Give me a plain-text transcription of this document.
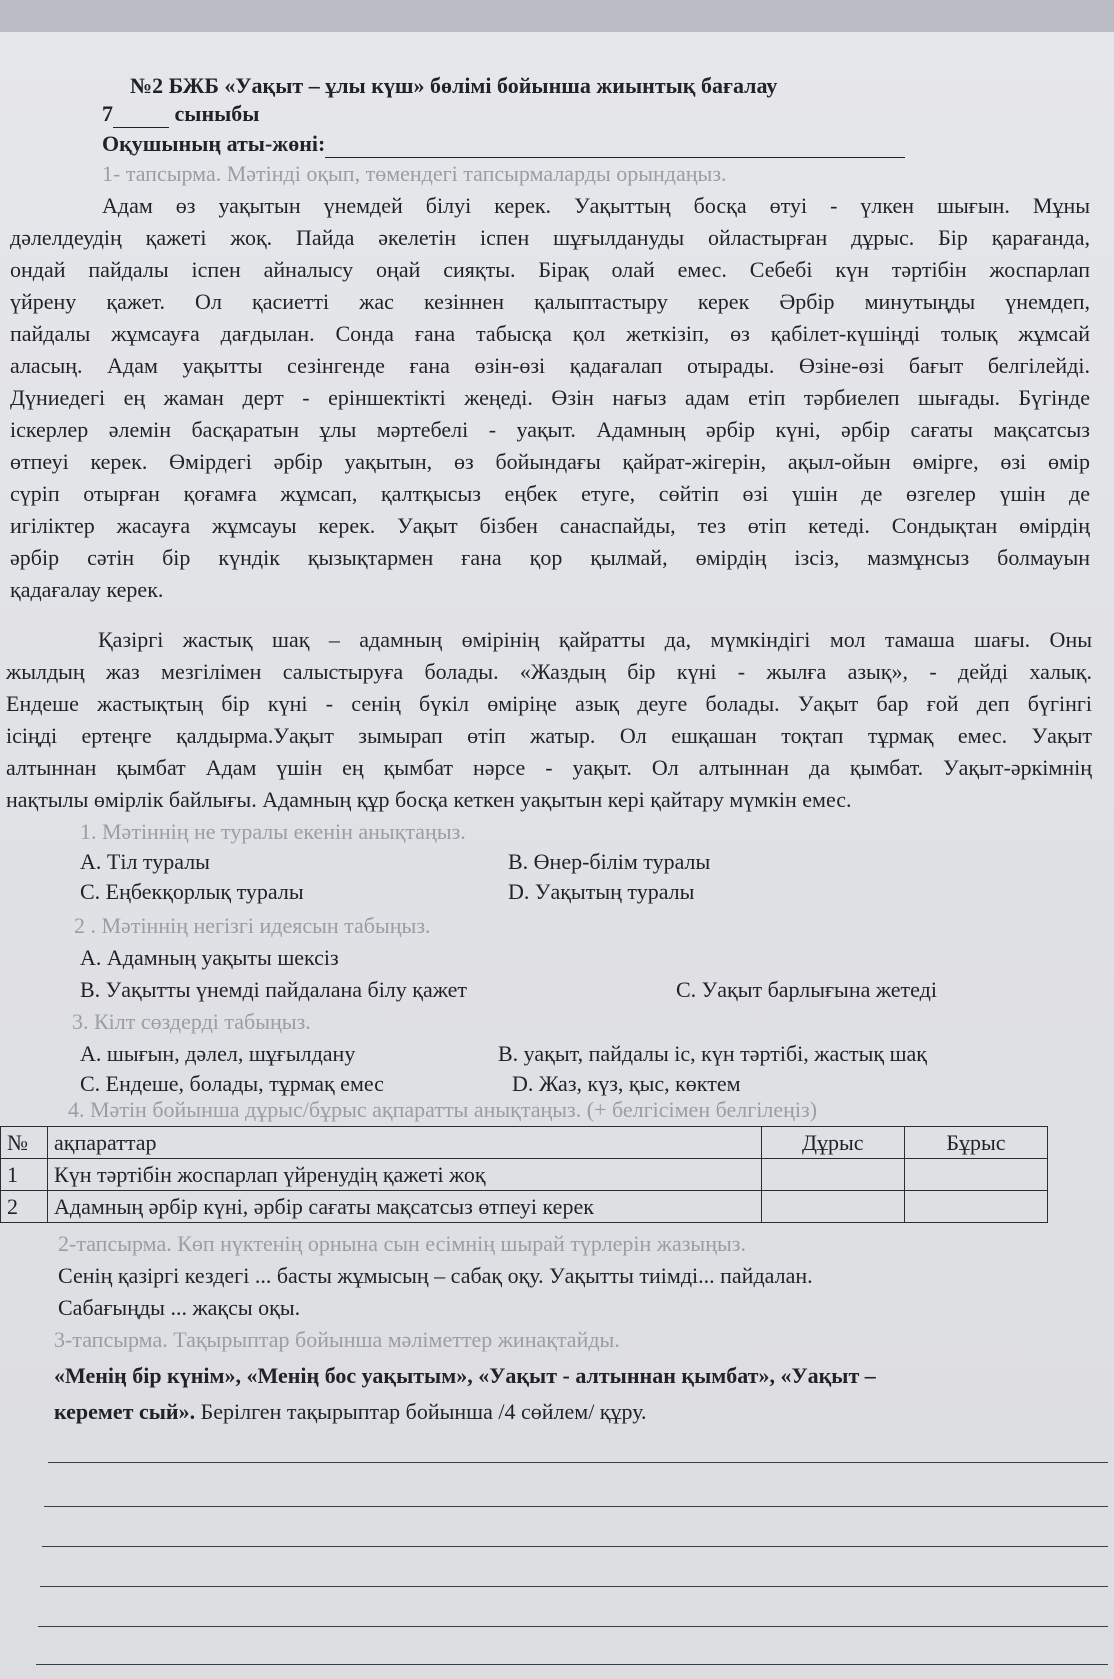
№2 БЖБ «Уақыт – ұлы күш» бөлімі бойынша жиынтық бағалау
7	сыныбы
Оқушының аты-жөні:
1- тапсырма. Мәтінді оқып, төмендегі тапсырмаларды орындаңыз.
Адам өз уақытын үнемдей білуі керек. Уақыттың босқа өтуі - үлкен шығын. Мұны
дәлелдеудің қажеті жоқ. Пайда әкелетін іспен шұғылдануды ойластырған дұрыс. Бір қарағанда,
ондай пайдалы іспен айналысу оңай сияқты. Бірақ олай емес. Себебі күн тәртібін жоспарлап
үйрену қажет. Ол қасиетті жас кезіннен қалыптастыру керек Әрбір минутыңды үнемдеп,
пайдалы жұмсауға дағдылан. Сонда ғана табысқа қол жеткізіп, өз қабілет-күшіңді толық жұмсай
аласың. Адам уақытты сезінгенде ғана өзін-өзі қадағалап отырады. Өзіне-өзі бағыт белгілейді.
Дүниедегі ең жаман дерт - еріншектікті жеңеді. Өзін нағыз адам етіп тәрбиелеп шығады. Бүгінде
іскерлер әлемін басқаратын ұлы мәртебелі - уақыт. Адамның әрбір күні, әрбір сағаты мақсатсыз
өтпеуі керек. Өмірдегі әрбір уақытын, өз бойындағы қайрат-жігерін, ақыл-ойын өмірге, өзі өмір
сүріп отырған қоғамға жұмсап, қалтқысыз еңбек етуге, сөйтіп өзі үшін де өзгелер үшін де
игіліктер жасауға жұмсауы керек. Уақыт бізбен санаспайды, тез өтіп кетеді. Сондықтан өмірдің
әрбір сәтін бір күндік қызықтармен ғана қор қылмай, өмірдің ізсіз, мазмұнсыз болмауын
қадағалау керек.
Қазіргі жастық шақ – адамның өмірінің қайратты да, мүмкіндігі мол тамаша шағы. Оны
жылдың жаз мезгілімен салыстыруға болады. «Жаздың бір күні - жылға азық», - дейді халық.
Ендеше жастықтың бір күні - сенің бүкіл өміріңе азық деуге болады. Уақыт бар ғой деп бүгінгі
ісіңді ертеңге қалдырма.Уақыт зымырап өтіп жатыр. Ол ешқашан тоқтап тұрмақ емес. Уақыт
алтыннан қымбат Адам үшін ең қымбат нәрсе - уақыт. Ол алтыннан да қымбат. Уақыт-әркімнің
нақтылы өмірлік байлығы. Адамның құр босқа кеткен уақытын кері қайтару мүмкін емес.
1. Мәтіннің не туралы екенін анықтаңыз.
А. Тіл туралы	B. Өнер-білім туралы
C. Еңбекқорлық туралы	D. Уақытың туралы
2 . Мәтіннің негізгі идеясын табыңыз.
А. Адамның уақыты шексіз
B. Уақытты үнемді пайдалана білу қажет	C. Уақыт барлығына жетеді
3. Кілт сөздерді табыңыз.
А. шығын, дәлел, шұғылдану	B. уақыт, пайдалы іс, күн тәртібі, жастық шақ
C. Ендеше, болады, тұрмақ емес	D. Жаз, күз, қыс, көктем
4. Мәтін бойынша дұрыс/бұрыс ақпаратты анықтаңыз. (+ белгісімен белгілеңіз)
№	ақпараттар	Дұрыс	Бұрыс
1	Күн тәртібін жоспарлап үйренудің қажеті жоқ		
2	Адамның әрбір күні, әрбір сағаты мақсатсыз өтпеуі керек		
2-тапсырма. Көп нүктенің орнына сын есімнің шырай түрлерін жазыңыз.
Сенің қазіргі кездегі ... басты жұмысың – сабақ оқу. Уақытты тиімді... пайдалан.
Сабағыңды ... жақсы оқы.
3-тапсырма. Тақырыптар бойынша мәліметтер жинақтайды.
«Менің бір күнім», «Менің бос уақытым», «Уақыт - алтыннан қымбат», «Уақыт –
керемет сый». Берілген тақырыптар бойынша /4 сөйлем/ құру.
